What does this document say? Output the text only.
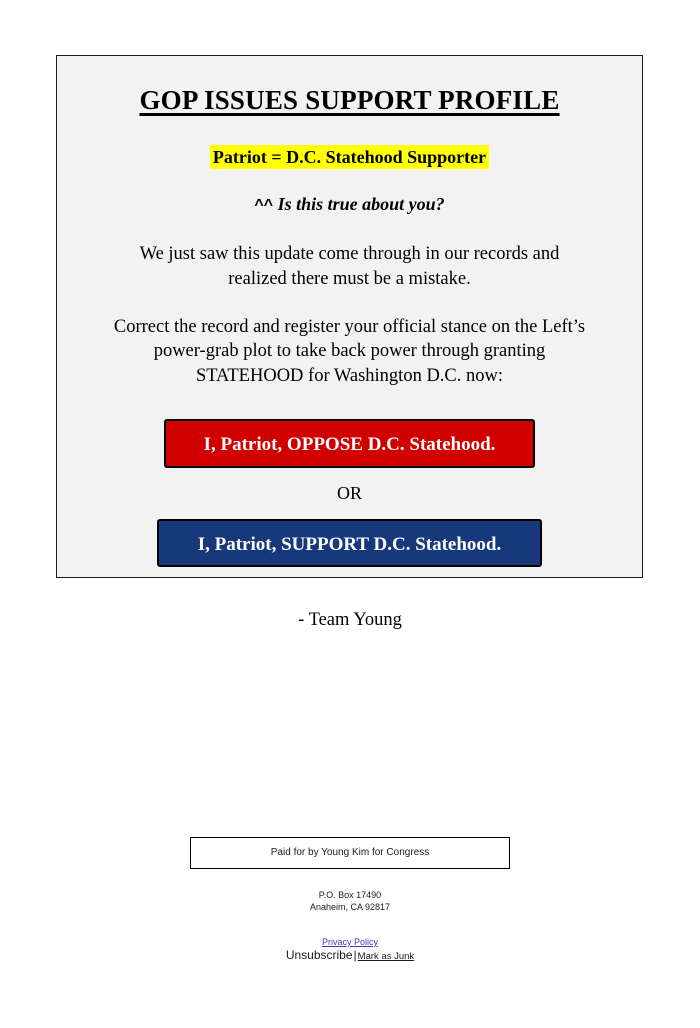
GOP ISSUES SUPPORT PROFILE

Patriot = D.C. Statehood Supporter

^^ Is this true about you?

We just saw this update come through in our records and realized there must be a mistake.

Correct the record and register your official stance on the Left’s power-grab plot to take back power through granting STATEHOOD for Washington D.C. now:

I, Patriot, OPPOSE D.C. Statehood.
OR
I, Patriot, SUPPORT D.C. Statehood.
- Team Young
Paid for by Young Kim for Congress
P.O. Box 17490
Anaheim, CA 92817
Privacy Policy
Unsubscribe|Mark as Junk
